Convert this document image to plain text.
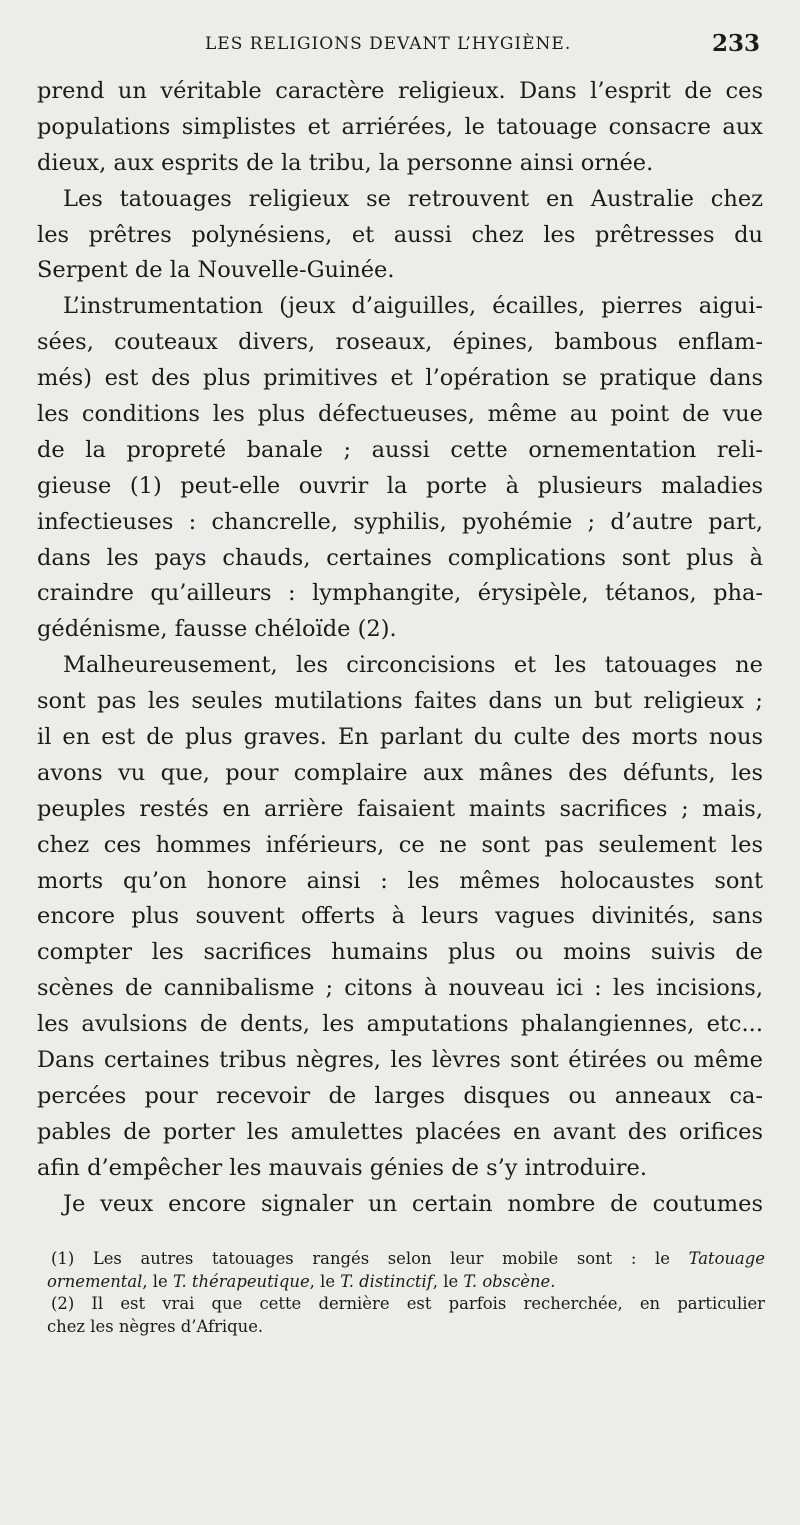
LES RELIGIONS DEVANT L’HYGIÈNE.	233
prend un véritable caractère religieux. Dans l’esprit de ces
populations simplistes et arriérées, le tatouage consacre aux
dieux, aux esprits de la tribu, la personne ainsi ornée.
Les tatouages religieux se retrouvent en Australie chez
les prêtres polynésiens, et aussi chez les prêtresses du
Serpent de la Nouvelle-Guinée.
L’instrumentation (jeux d’aiguilles, écailles, pierres aigui-
sées, couteaux divers, roseaux, épines, bambous enflam-
més) est des plus primitives et l’opération se pratique dans
les conditions les plus défectueuses, même au point de vue
de la propreté banale ; aussi cette ornementation reli-
gieuse (1) peut-elle ouvrir la porte à plusieurs maladies
infectieuses : chancrelle, syphilis, pyohémie ; d’autre part,
dans les pays chauds, certaines complications sont plus à
craindre qu’ailleurs : lymphangite, érysipèle, tétanos, pha-
gédénisme, fausse chéloïde (2).
Malheureusement, les circoncisions et les tatouages ne
sont pas les seules mutilations faites dans un but religieux ;
il en est de plus graves. En parlant du culte des morts nous
avons vu que, pour complaire aux mânes des défunts, les
peuples restés en arrière faisaient maints sacrifices ; mais,
chez ces hommes inférieurs, ce ne sont pas seulement les
morts qu’on honore ainsi : les mêmes holocaustes sont
encore plus souvent offerts à leurs vagues divinités, sans
compter les sacrifices humains plus ou moins suivis de
scènes de cannibalisme ; citons à nouveau ici : les incisions,
les avulsions de dents, les amputations phalangiennes, etc...
Dans certaines tribus nègres, les lèvres sont étirées ou même
percées pour recevoir de larges disques ou anneaux ca-
pables de porter les amulettes placées en avant des orifices
afin d’empêcher les mauvais génies de s’y introduire.
Je veux encore signaler un certain nombre de coutumes
(1) Les autres tatouages rangés selon leur mobile sont : le Tatouage
ornemental, le T. thérapeutique, le T. distinctif, le T. obscène.
(2) Il est vrai que cette dernière est parfois recherchée, en particulier
chez les nègres d’Afrique.
